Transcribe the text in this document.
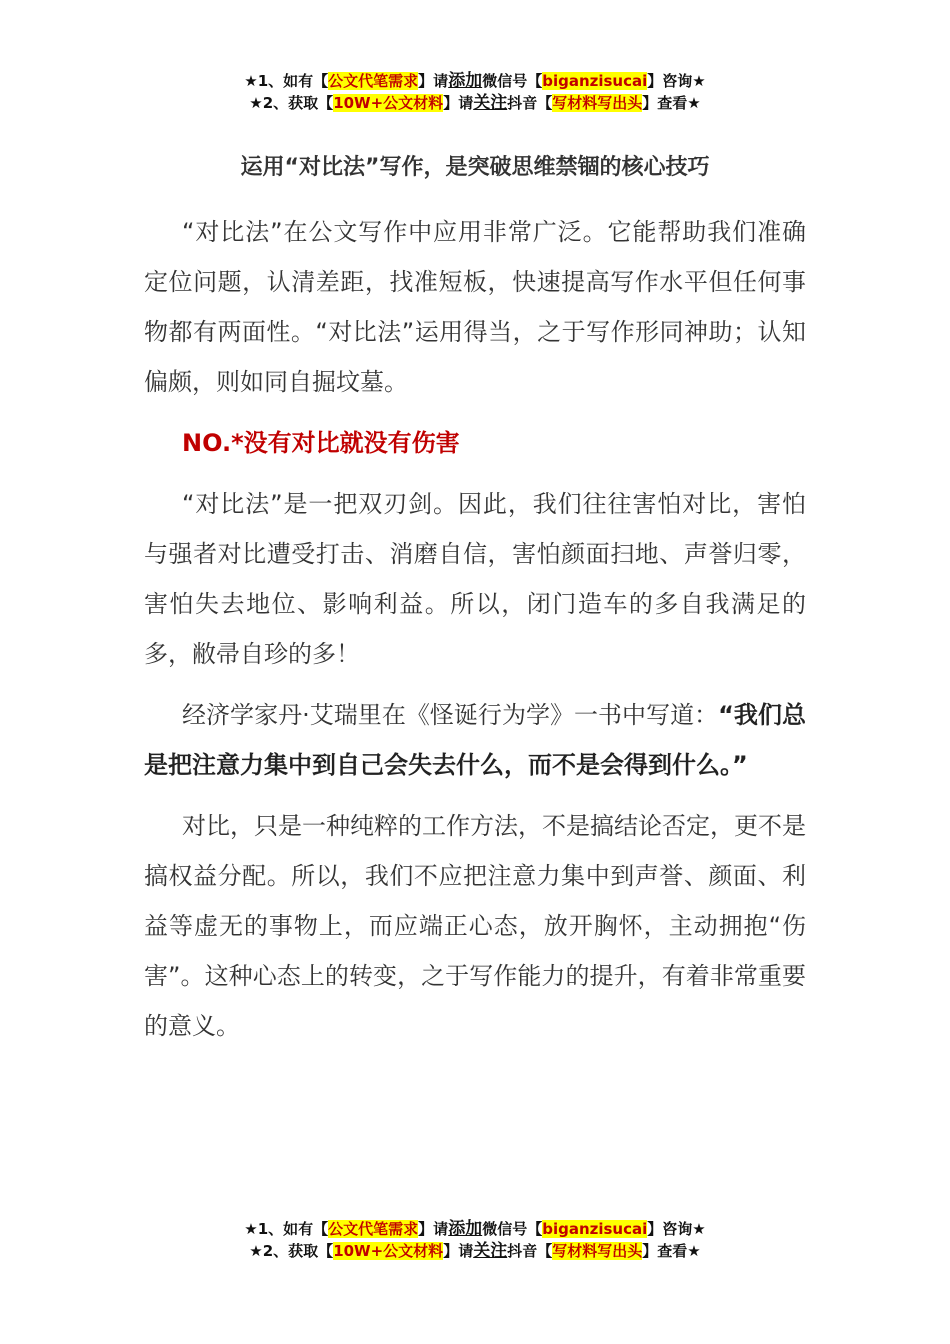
★1、如有【公文代笔需求】请添加微信号【biganzisucai】咨询★
★2、获取【10W+公文材料】请关注抖音【写材料写出头】查看★
运用“对比法”写作，是突破思维禁锢的核心技巧

“对比法”在公文写作中应用非常广泛。它能帮助我们准确定位问题，认清差距，找准短板，快速提高写作水平但任何事物都有两面性。“对比法”运用得当，之于写作形同神助；认知偏颇，则如同自掘坟墓。

NO.*没有对比就没有伤害

“对比法”是一把双刃剑。因此，我们往往害怕对比，害怕与强者对比遭受打击、消磨自信，害怕颜面扫地、声誉归零，害怕失去地位、影响利益。所以，闭门造车的多自我满足的多，敝帚自珍的多！

经济学家丹·艾瑞里在《怪诞行为学》一书中写道：“我们总是把注意力集中到自己会失去什么，而不是会得到什么。”

对比，只是一种纯粹的工作方法，不是搞结论否定，更不是搞权益分配。所以，我们不应把注意力集中到声誉、颜面、利益等虚无的事物上，而应端正心态，放开胸怀，主动拥抱“伤害”。这种心态上的转变，之于写作能力的提升，有着非常重要的意义。

★1、如有【公文代笔需求】请添加微信号【biganzisucai】咨询★
★2、获取【10W+公文材料】请关注抖音【写材料写出头】查看★
